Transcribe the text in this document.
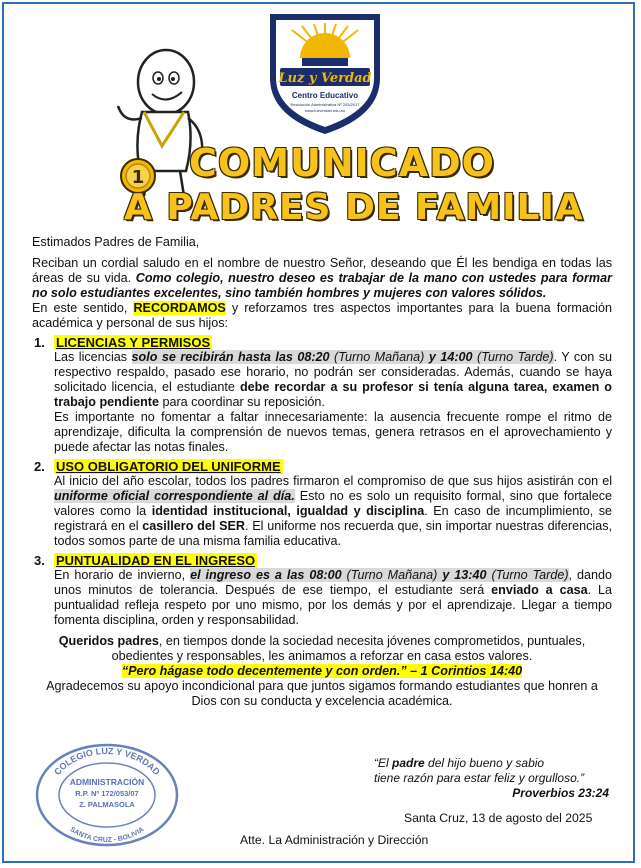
Luz y Verdad
Centro Educativo
Resolución Administrativa Nº 253/2017
www.luzverdad.edu.bo
1 COMUNICADO
A PADRES DE FAMILIA

Estimados Padres de Familia,

Reciban un cordial saludo en el nombre de nuestro Señor, deseando que Él les bendiga en todas las áreas de su vida. Como colegio, nuestro deseo es trabajar de la mano con ustedes para formar no solo estudiantes excelentes, sino también hombres y mujeres con valores sólidos.

En este sentido, RECORDAMOS y reforzamos tres aspectos importantes para la buena formación académica y personal de sus hijos:

1. LICENCIAS Y PERMISOS

Las licencias solo se recibirán hasta las 08:20 (Turno Mañana) y 14:00 (Turno Tarde). Y con su respectivo respaldo, pasado ese horario, no podrán ser consideradas. Además, cuando se haya solicitado licencia, el estudiante debe recordar a su profesor si tenía alguna tarea, examen o trabajo pendiente para coordinar su reposición.

Es importante no fomentar a faltar innecesariamente: la ausencia frecuente rompe el ritmo de aprendizaje, dificulta la comprensión de nuevos temas, genera retrasos en el aprovechamiento y puede afectar las notas finales.

2. USO OBLIGATORIO DEL UNIFORME

Al inicio del año escolar, todos los padres firmaron el compromiso de que sus hijos asistirán con el uniforme oficial correspondiente al día. Esto no es solo un requisito formal, sino que fortalece valores como la identidad institucional, igualdad y disciplina. En caso de incumplimiento, se registrará en el casillero del SER. El uniforme nos recuerda que, sin importar nuestras diferencias, todos somos parte de una misma familia educativa.

3. PUNTUALIDAD EN EL INGRESO

En horario de invierno, el ingreso es a las 08:00 (Turno Mañana) y 13:40 (Turno Tarde), dando unos minutos de tolerancia. Después de ese tiempo, el estudiante será enviado a casa. La puntualidad refleja respeto por uno mismo, por los demás y por el aprendizaje. Llegar a tiempo fomenta disciplina, orden y responsabilidad.

Queridos padres, en tiempos donde la sociedad necesita jóvenes comprometidos, puntuales, obedientes y responsables, les animamos a reforzar en casa estos valores.

“Pero hágase todo decentemente y con orden.” – 1 Corintios 14:40

Agradecemos su apoyo incondicional para que juntos sigamos formando estudiantes que honren a Dios con su conducta y excelencia académica.

COLEGIO LUZ Y VERDAD
SANTA CRUZ - BOLIVIA
ADMINISTRACIÓN
R.P. Nº 172/053/07
Z. PALMASOLA
“El padre del hijo bueno y sabio
tiene razón para estar feliz y orgulloso.”
Proverbios 23:24
Santa Cruz, 13 de agosto del 2025
Atte. La Administración y Dirección
